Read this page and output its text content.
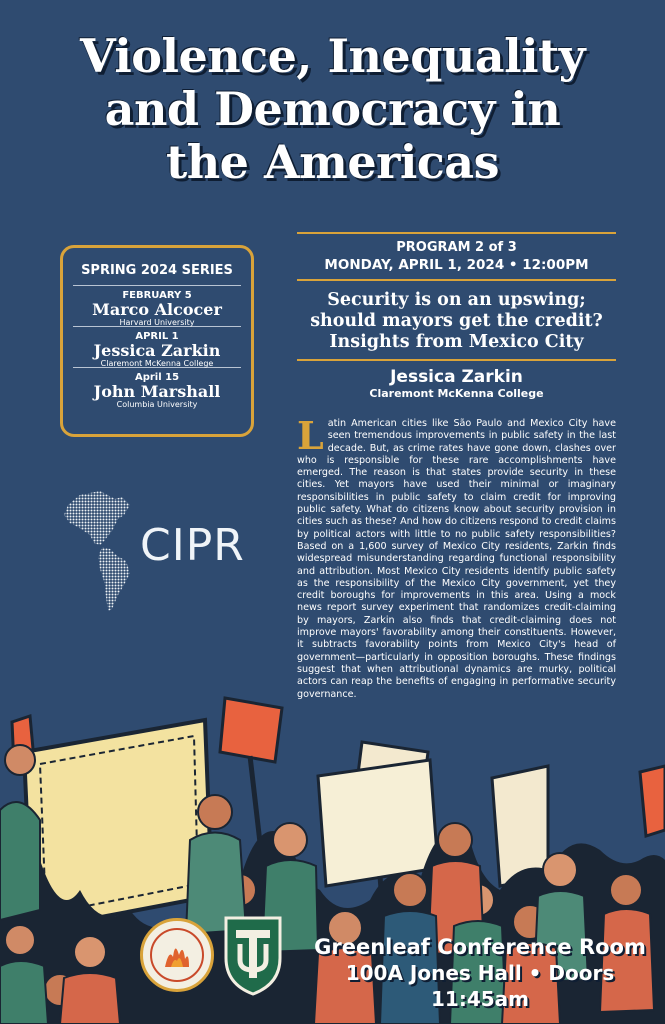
Violence, Inequality
and Democracy in
the Americas
SPRING 2024 SERIES
FEBRUARY 5
Marco Alcocer
Harvard University
APRIL 1
Jessica Zarkin
Claremont McKenna College
April 15
John Marshall
Columbia University
PROGRAM 2 of 3
MONDAY, APRIL 1, 2024 • 12:00PM
Security is on an upswing;
should mayors get the credit?
Insights from Mexico City
Jessica Zarkin
Claremont McKenna College
Latin American cities like São Paulo and Mexico City have seen tremendous improvements in public safety in the last decade. But, as crime rates have gone down, clashes over who is responsible for these rare accomplishments have emerged. The reason is that states provide security in these cities. Yet mayors have used their minimal or imaginary responsibilities in public safety to claim credit for improving public safety. What do citizens know about security provision in cities such as these? And how do citizens respond to credit claims by political actors with little to no public safety responsibilities? Based on a 1,600 survey of Mexico City residents, Zarkin finds widespread misunderstanding regarding functional responsibility and attribution. Most Mexico City residents identify public safety as the responsibility of the Mexico City government, yet they credit boroughs for improvements in this area. Using a mock news report survey experiment that randomizes credit-claiming by mayors, Zarkin also finds that credit-claiming does not improve mayors' favorability among their constituents. However, it subtracts favorability points from Mexico City's head of government—particularly in opposition boroughs. These findings suggest that when attributional dynamics are murky, political actors can reap the benefits of engaging in performative security governance.
CIPR
Greenleaf Conference Room
100A Jones Hall • Doors 11:45am
